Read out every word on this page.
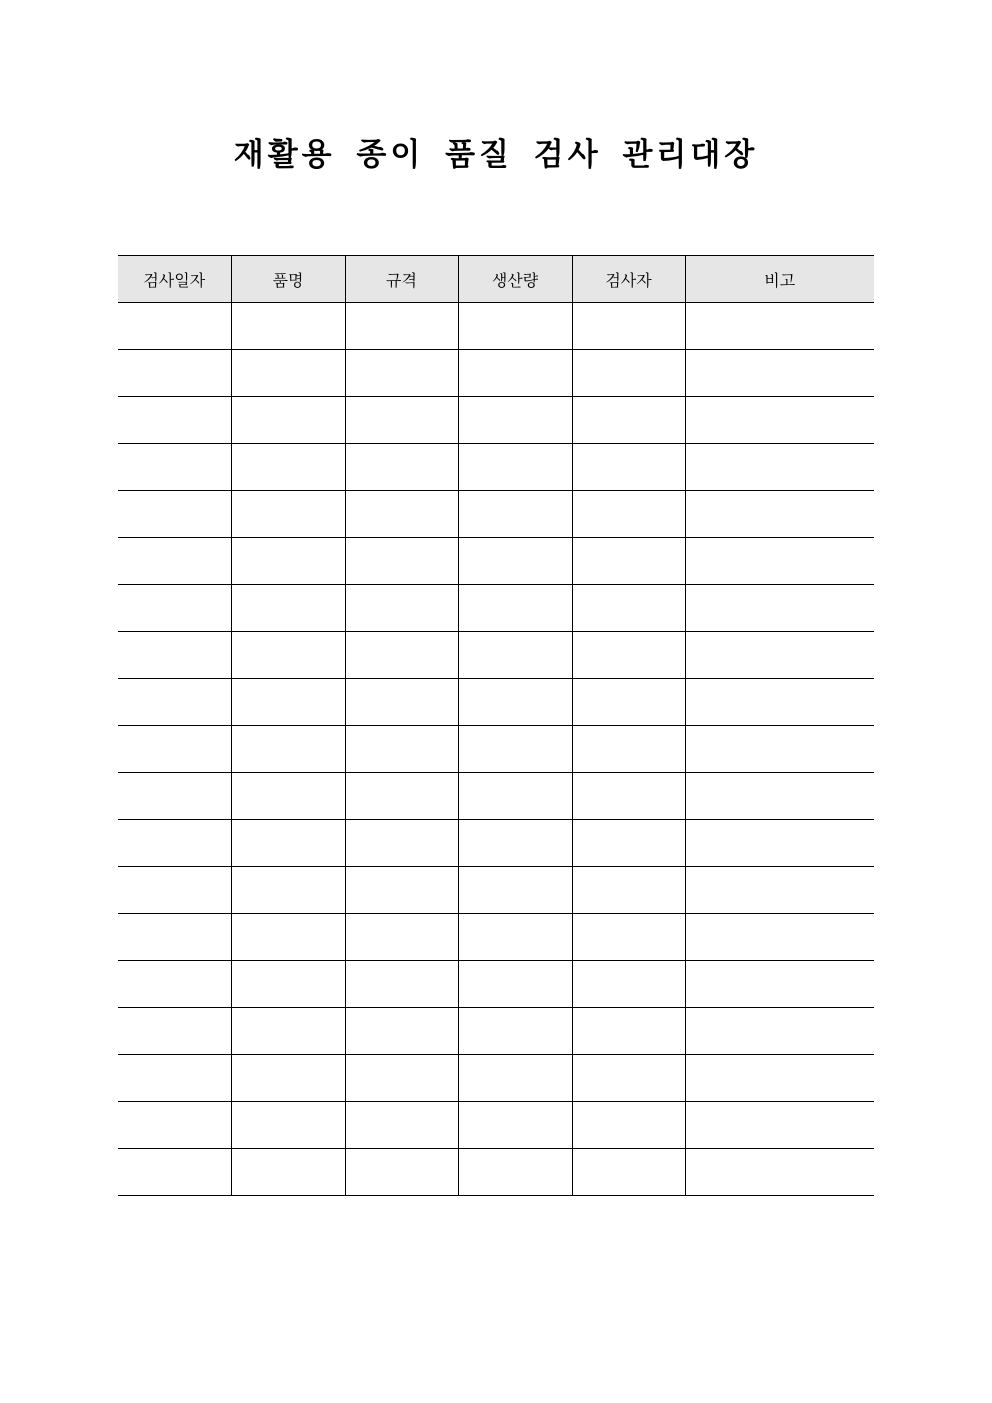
재활용 종이 품질 검사 관리대장
검사일자	품명	규격	생산량	검사자	비고
